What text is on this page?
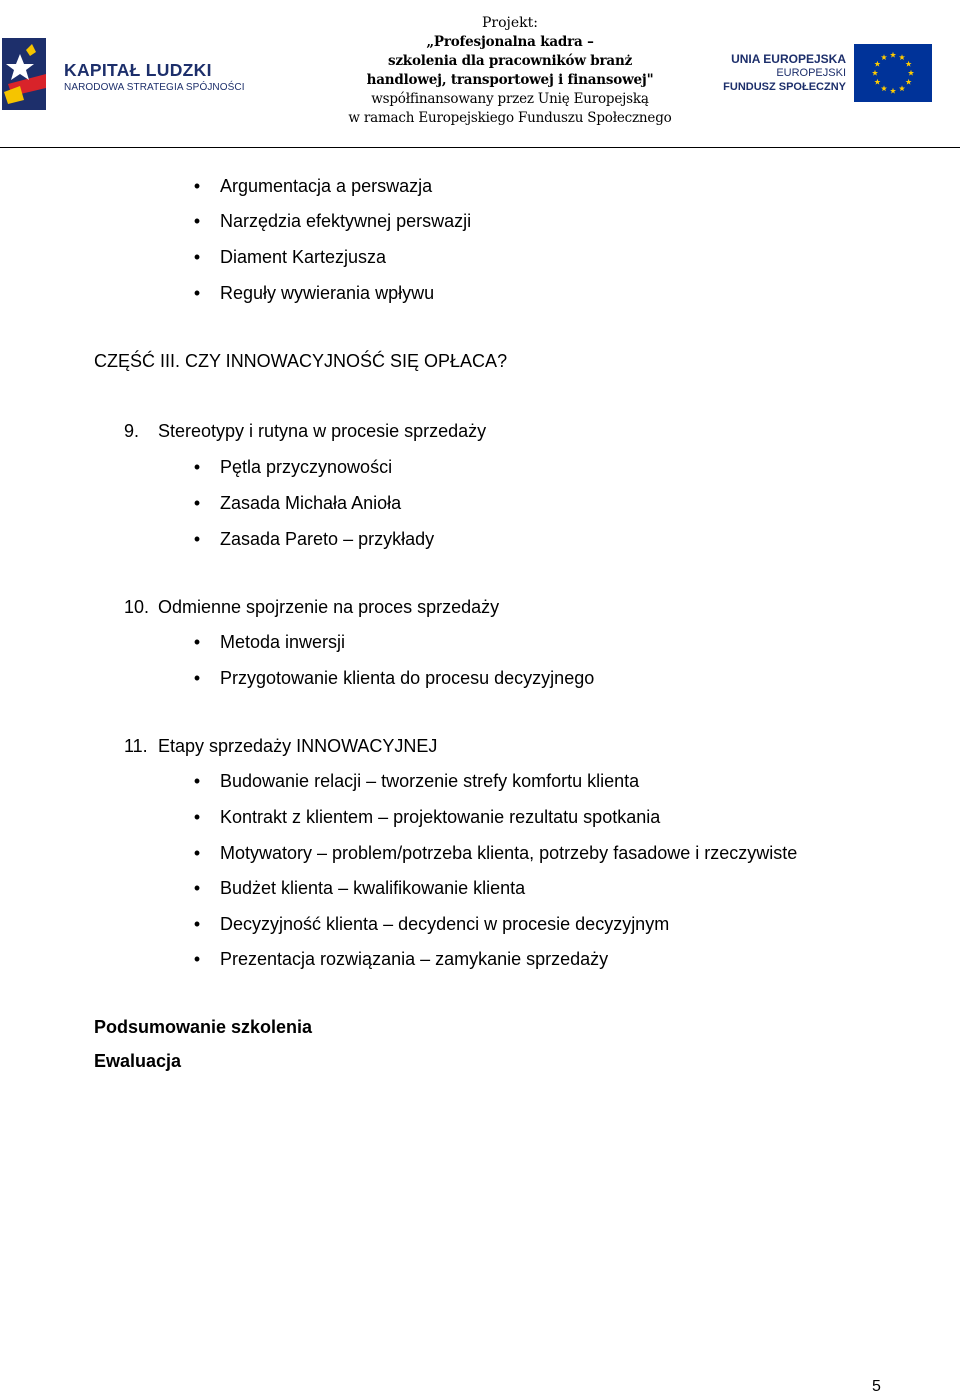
KAPITAŁ LUDZKI
NARODOWA STRATEGIA SPÓJNOŚCI
Projekt:
„Profesjonalna kadra –
szkolenia dla pracowników branż
handlowej, transportowej i finansowej"
współfinansowany przez Unię Europejską
w ramach Europejskiego Funduszu Społecznego
UNIA EUROPEJSKA
EUROPEJSKI
FUNDUSZ SPOŁECZNY
• Argumentacja a perswazja
• Narzędzia efektywnej perswazji
• Diament Kartezjusza
• Reguły wywierania wpływu
CZĘŚĆ III. CZY INNOWACYJNOŚĆ SIĘ OPŁACA?
9. Stereotypy i rutyna w procesie sprzedaży
• Pętla przyczynowości
• Zasada Michała Anioła
• Zasada Pareto – przykłady
10. Odmienne spojrzenie na proces sprzedaży
• Metoda inwersji
• Przygotowanie klienta do procesu decyzyjnego
11. Etapy sprzedaży INNOWACYJNEJ
• Budowanie relacji – tworzenie strefy komfortu klienta
• Kontrakt z klientem – projektowanie rezultatu spotkania
• Motywatory – problem/potrzeba klienta, potrzeby fasadowe i rzeczywiste
• Budżet klienta – kwalifikowanie klienta
• Decyzyjność klienta – decydenci w procesie decyzyjnym
• Prezentacja rozwiązania – zamykanie sprzedaży
Podsumowanie szkolenia
Ewaluacja
5
